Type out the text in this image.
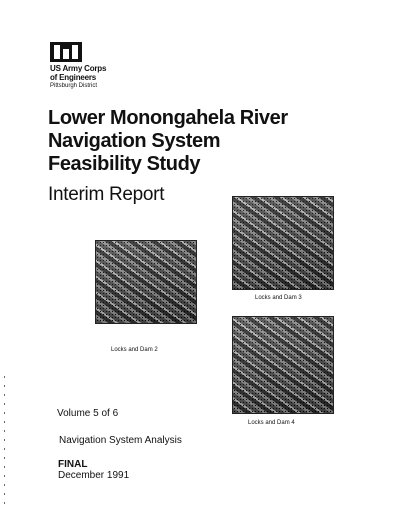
US Army Corps
of Engineers
Pittsburgh District
Lower Monongahela River
Navigation System
Feasibility Study
Interim Report
Locks and Dam 2
Locks and Dam 3
Locks and Dam 4
Volume 5 of 6
Navigation System Analysis
FINAL
December 1991
